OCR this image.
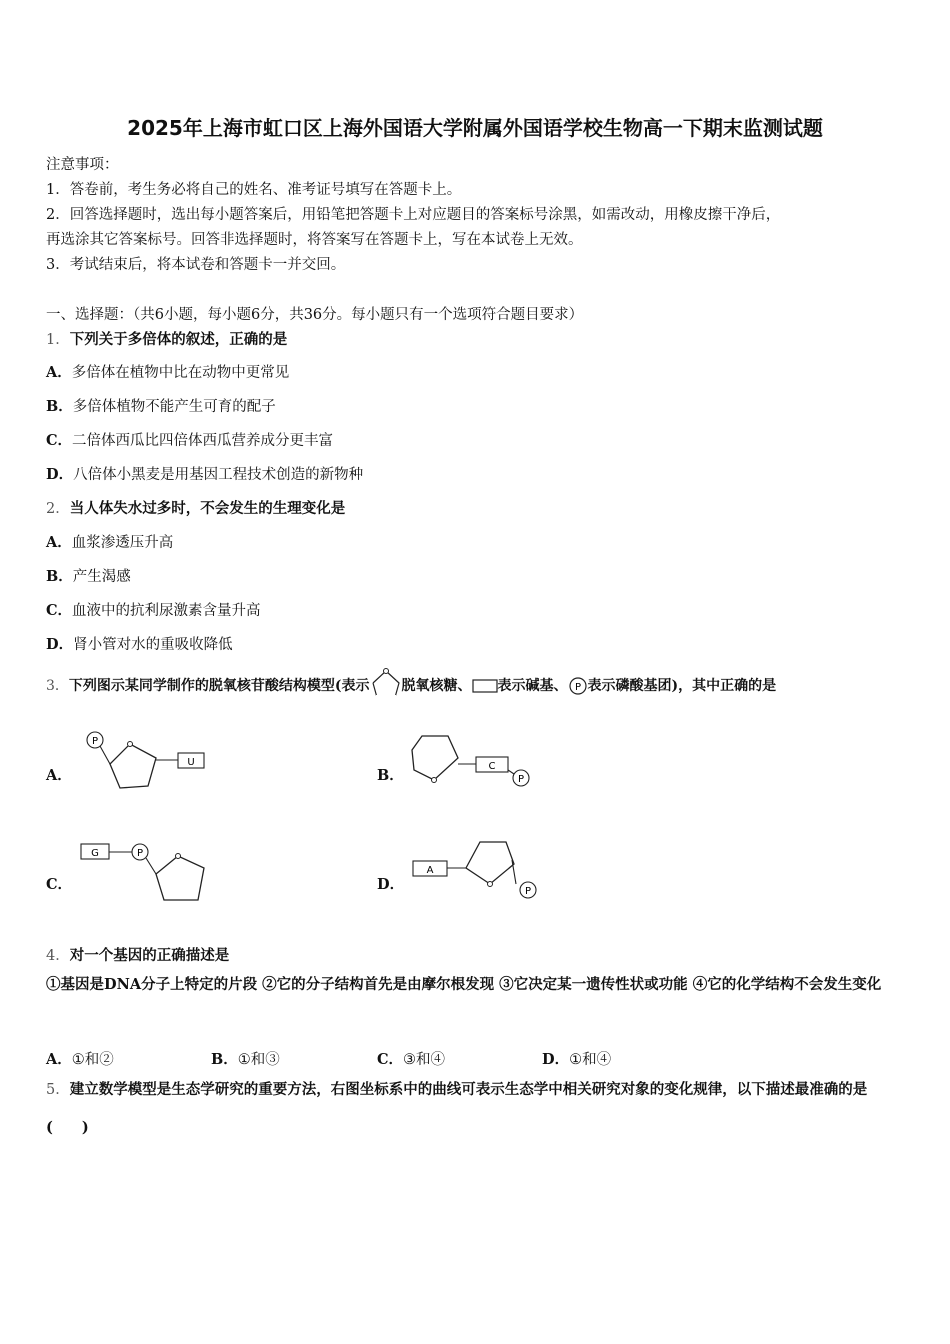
2025年上海市虹口区上海外国语大学附属外国语学校生物高一下期末监测试题
注意事项：
1．答卷前，考生务必将自己的姓名、准考证号填写在答题卡上。
2．回答选择题时，选出每小题答案后，用铅笔把答题卡上对应题目的答案标号涂黑，如需改动，用橡皮擦干净后，
再选涂其它答案标号。回答非选择题时，将答案写在答题卡上，写在本试卷上无效。
3．考试结束后，将本试卷和答题卡一并交回。
一、选择题：（共6小题，每小题6分，共36分。每小题只有一个选项符合题目要求）
1．下列关于多倍体的叙述，正确的是
A．多倍体在植物中比在动物中更常见
B．多倍体植物不能产生可育的配子
C．二倍体西瓜比四倍体西瓜营养成分更丰富
D．八倍体小黑麦是用基因工程技术创造的新物种
2．当人体失水过多时，不会发生的生理变化是
A．血浆渗透压升高
B．产生渴感
C．血液中的抗利尿激素含量升高
D．肾小管对水的重吸收降低
3．下列图示某同学制作的脱氧核苷酸结构模型(表示 脱氧核糖、 表示碱基、 P 表示磷酸基团)，其中正确的是
A．
P
U
B．
C
P
C．
G	P
D．
A
P
4．对一个基因的正确描述是
①基因是DNA分子上特定的片段 ②它的分子结构首先是由摩尔根发现 ③它决定某一遗传性状或功能 ④它的化学结构不会发生变化
A．①和②	B．①和③	C．③和④	D．①和④
5．建立数学模型是生态学研究的重要方法，右图坐标系中的曲线可表示生态学中相关研究对象的变化规律，以下描述最准确的是(　　)
